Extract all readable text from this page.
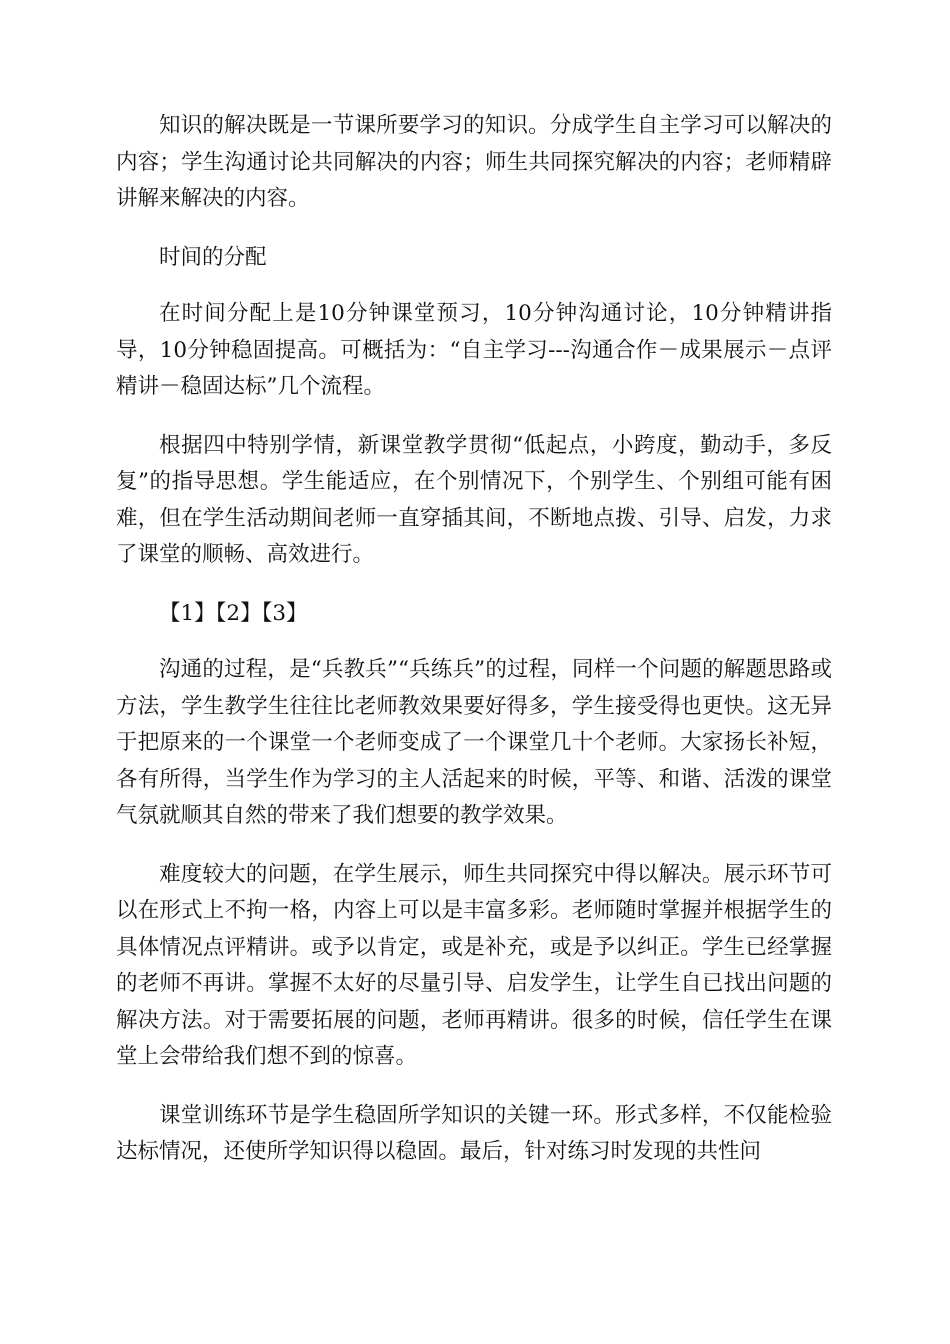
知识的解决既是一节课所要学习的知识。分成学生自主学习可以解决的内容；学生沟通讨论共同解决的内容；师生共同探究解决的内容；老师精辟讲解来解决的内容。

时间的分配

在时间分配上是10分钟课堂预习，10分钟沟通讨论，10分钟精讲指导，10分钟稳固提高。可概括为：“自主学习---沟通合作－成果展示－点评精讲－稳固达标”几个流程。

根据四中特别学情，新课堂教学贯彻“低起点，小跨度，勤动手，多反复”的指导思想。学生能适应，在个别情况下，个别学生、个别组可能有困难，但在学生活动期间老师一直穿插其间，不断地点拨、引导、启发，力求了课堂的顺畅、高效进行。

【1】【2】【3】

沟通的过程，是“兵教兵”“兵练兵”的过程，同样一个问题的解题思路或方法，学生教学生往往比老师教效果要好得多，学生接受得也更快。这无异于把原来的一个课堂一个老师变成了一个课堂几十个老师。大家扬长补短，各有所得，当学生作为学习的主人活起来的时候，平等、和谐、活泼的课堂气氛就顺其自然的带来了我们想要的教学效果。

难度较大的问题，在学生展示，师生共同探究中得以解决。展示环节可以在形式上不拘一格，内容上可以是丰富多彩。老师随时掌握并根据学生的具体情况点评精讲。或予以肯定，或是补充，或是予以纠正。学生已经掌握的老师不再讲。掌握不太好的尽量引导、启发学生，让学生自已找出问题的解决方法。对于需要拓展的问题，老师再精讲。很多的时候，信任学生在课堂上会带给我们想不到的惊喜。

课堂训练环节是学生稳固所学知识的关键一环。形式多样，不仅能检验达标情况，还使所学知识得以稳固。最后，针对练习时发现的共性问
